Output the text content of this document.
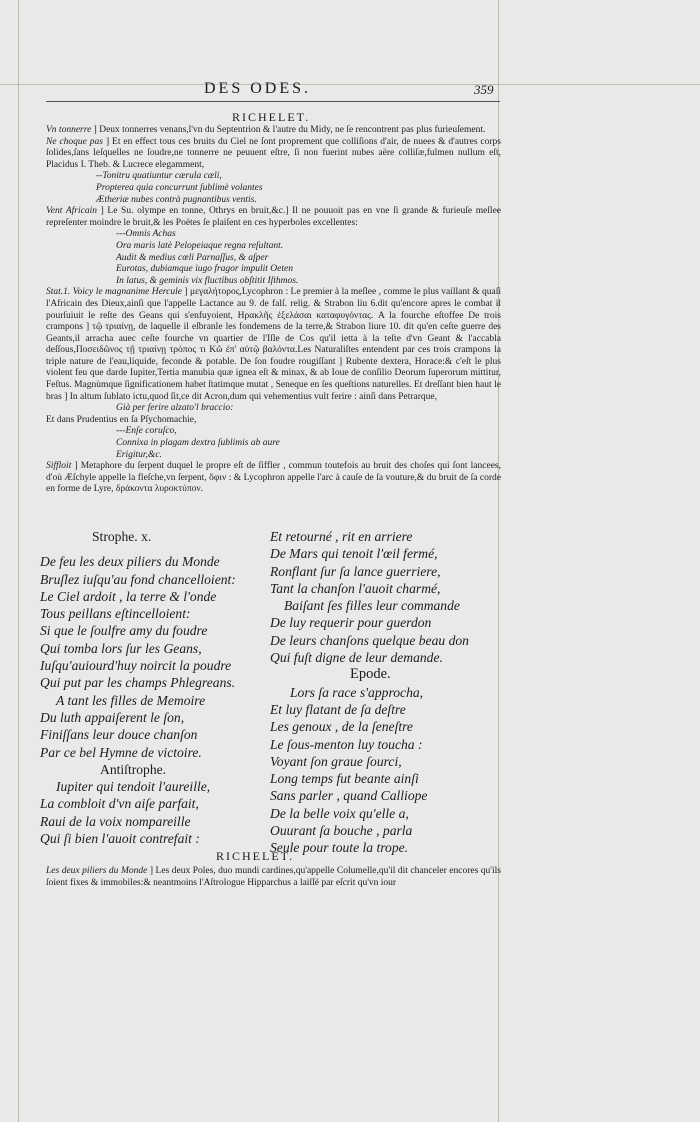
DES ODES.	359
RICHELET.

Vn tonnerre ] Deux tonnerres venans,l'vn du Septentrion & l'autre du Midy, ne ſe rencontrent pas plus furieuſement.

Ne choque pas ] Et en effect tous ces bruits du Ciel ne ſont proprement que colliſions d'air, de nuees & d'autres corps ſolides,ſans leſquelles ne ſoudre,ne tonnerre ne peuuent eſtre, ſi non fuerint nubes aëre colliſæ,fulmen nullum eſt, Placidus I. Theb. & Lucrece elegamment,

--Tonitru quatiuntur cærula cæli,
Propterea quia concurrunt ſublimè volantes
Ætheriæ nubes contrà pugnantibus ventis.

Vent Africain ] Le Su. olympe en tonne, Othrys en bruit,&c.] Il ne pouuoit pas en vne ſi grande & furieuſe meſlee repreſenter moindre le bruit,& les Poëtes ſe plaiſent en ces hyperboles excellentes:

---Omnis Achas
Ora maris latè Pelopeiaque regna reſultant.
Audit & medius cœli Parnaſſus, & aſper
Eurotas, dubiamque iugo fragor impulit Oeten
In latus, & geminis vix fluctibus obſtitit Iſthmos.

Stat.1. Voicy le magnanime Hercule ] μεγαλήτορος,Lycophron : Le premier à la meſlee , comme le plus vaillant & quaſi l'Africain des Dieux,ainſi que l'appelle Lactance au 9. de falſ. relig. & Strabon liu 6.dit qu'encore apres le combat il pourſuiuit le reſte des Geans qui s'enfuyoient, Ηρακλῆς ἐξελάσαι καταφυγόντας. A la fourche eſtoffee De trois crampons ] τῷ τριαίνῃ, de laquelle il eſbranle les fondemens de la terre,& Strabon liure 10. dit qu'en ceſte guerre des Geants,il arracha auec ceſte fourche vn quartier de l'Iſle de Cos qu'il ietta à la teſte d'vn Geant & l'accabla deſſous,Ποσειδῶνος τῇ τριαίνῃ τρόπος τι Κῶ ἐπ' αὐτῷ βαλόντα.Les Naturaliſtes entendent par ces trois crampons la triple nature de l'eau,liquide, feconde & potable. De ſon foudre rougiſſant ] Rubente dextera, Horace:& c'eſt le plus violent feu que darde Iupiter,Tertia manubia quæ ignea eſt & minax, & ab Ioue de conſilio Deorum ſuperorum mittitur, Feſtus. Magnùmque ſignificationem habet ſtatimque mutat , Seneque en ſes queſtions naturelles. Et dreſſant bien haut le bras ] In altum ſublato ictu,quod ſit,ce dit Acron,dum qui vehementius vult ferire : ainſi dans Petrarque,

Già per ferire alzato'l braccio:

Et dans Prudentius en ſa Pſychomachie,

---Enſe coruſco,
Connixa in plagam dextra ſublimis ab aure
Erigitur,&c.

Siffloit ] Metaphore du ſerpent duquel le propre eſt de ſiffler , commun toutefois au bruit des choſes qui ſont lancees, d'où Æſchyle appelle la fleſche,vn ſerpent, ὄφιν : & Lycophron appelle l'arc à cauſe de ſa vouture,& du bruit de ſa corde en forme de Lyre, δράκοντα λυροκτύπον.

Strophe. x.
De feu les deux piliers du Monde
Bruſlez iuſqu'au fond chancelloient:
Le Ciel ardoit , la terre & l'onde
Tous peillans eſtincelloient:
Si que le ſoulfre amy du foudre
Qui tomba lors ſur les Geans,
Iuſqu'auiourd'huy noircit la poudre
Qui put par les champs Phlegreans.
A tant les filles de Memoire
Du luth appaiſerent le ſon,
Finiſſans leur douce chanſon
Par ce bel Hymne de victoire.
Antiſtrophe.
Iupiter qui tendoit l'aureille,
La combloit d'vn aiſe parfait,
Raui de la voix nompareille
Qui ſi bien l'auoit contrefait :
Et retourné , rit en arriere
De Mars qui tenoit l'œil fermé,
Ronflant ſur ſa lance guerriere,
Tant la chanſon l'auoit charmé,
Baiſant ſes filles leur commande
De luy requerir pour guerdon
De leurs chanſons quelque beau don
Qui fuſt digne de leur demande.
Epode.
Lors ſa race s'approcha,
Et luy flatant de ſa deſtre
Les genoux , de la ſeneſtre
Le ſous-menton luy toucha :
Voyant ſon graue ſourci,
Long temps fut beante ainſi
Sans parler , quand Calliope
De la belle voix qu'elle a,
Ouurant ſa bouche , parla
Seule pour toute la trope.
RICHELET.

Les deux piliers du Monde ] Les deux Poles, duo mundi cardines,qu'appelle Columelle,qu'il dit chanceler encores qu'ils ſoient fixes & immobiles:& neantmoins l'Aſtrologue Hipparchus a laiſſé par eſcrit qu'vn iour
